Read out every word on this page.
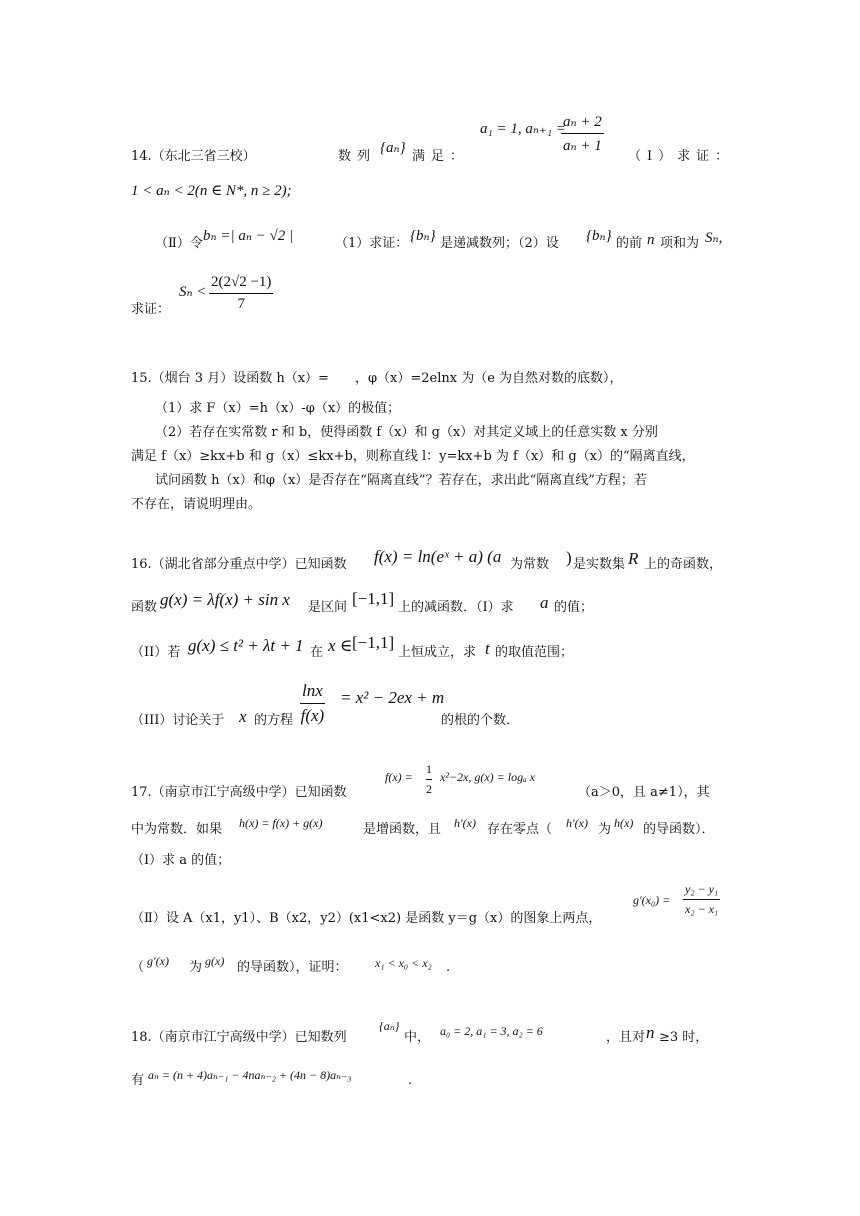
14.（东北三省三校）	数列
{aₙ}
满足：
a₁ = 1, aₙ₊₁ =
aₙ + 2
aₙ + 1
（Ⅰ）求证：
1 < aₙ < 2(n ∈ N*, n ≥ 2);
（Ⅱ）令 bₙ =| aₙ − √2 |	（1）求证： {bₙ} 是递减数列；（2）设 {bₙ} 的前 n 项和为 Sₙ,
求证：
Sₙ <
2(2√2 −1)
7
15.（烟台 3 月）设函数 h（x）=　　，φ（x）=2elnx 为（e 为自然对数的底数），
（1）求 F（x）=h（x）-φ（x）的极值；
（2）若存在实常数 r 和 b，使得函数 f（x）和 g（x）对其定义域上的任意实数 x 分别
满足 f（x）≥kx+b 和 g（x）≤kx+b，则称直线 l：y=kx+b 为 f（x）和 g（x）的“隔离直线，
试问函数 h（x）和φ（x）是否存在“隔离直线”？若存在，求出此“隔离直线”方程；若
不存在，请说明理由。
16.（湖北省部分重点中学）已知函数 f(x) = ln(eˣ + a) (a 为常数 ) 是实数集 R 上的奇函数，
函数 g(x) = λf(x) + sin x 是区间 [−1,1] 上的减函数．（I）求 a 的值；
（II）若 g(x) ≤ t² + λt + 1 在 x ∈ [−1,1]
上恒成立，求 t 的取值范围；
（III）讨论关于 x 的方程
lnx
f(x)
= x² − 2ex + m
的根的个数．
17.（南京市江宁高级中学）已知函数
f(x) =
1
2
x²−2x, g(x) = logₐ x
（a＞0，且 a≠1），其
中为常数．如果 h(x) = f(x) + g(x)	是增函数，且 h′(x) 存在零点（ h′(x) 为 h(x) 的导函数）．
（Ⅰ）求 a 的值；
（Ⅱ）设 A（x1，y1）、B（x2，y2）(x1<x2) 是函数 y＝g（x）的图象上两点，
g′(x₀) =
y₂ − y₁
x₂ − x₁
（ g′(x) 为 g(x) 的导函数），证明： x₁ < x₀ < x₂ .
18.（南京市江宁高级中学）已知数列
{aₙ}
中， a₀ = 2, a₁ = 3, a₂ = 6	，且对 n ≥3 时，
有 aₙ = (n + 4)aₙ₋₁ − 4naₙ₋₂ + (4n − 8)aₙ₋₃	.
